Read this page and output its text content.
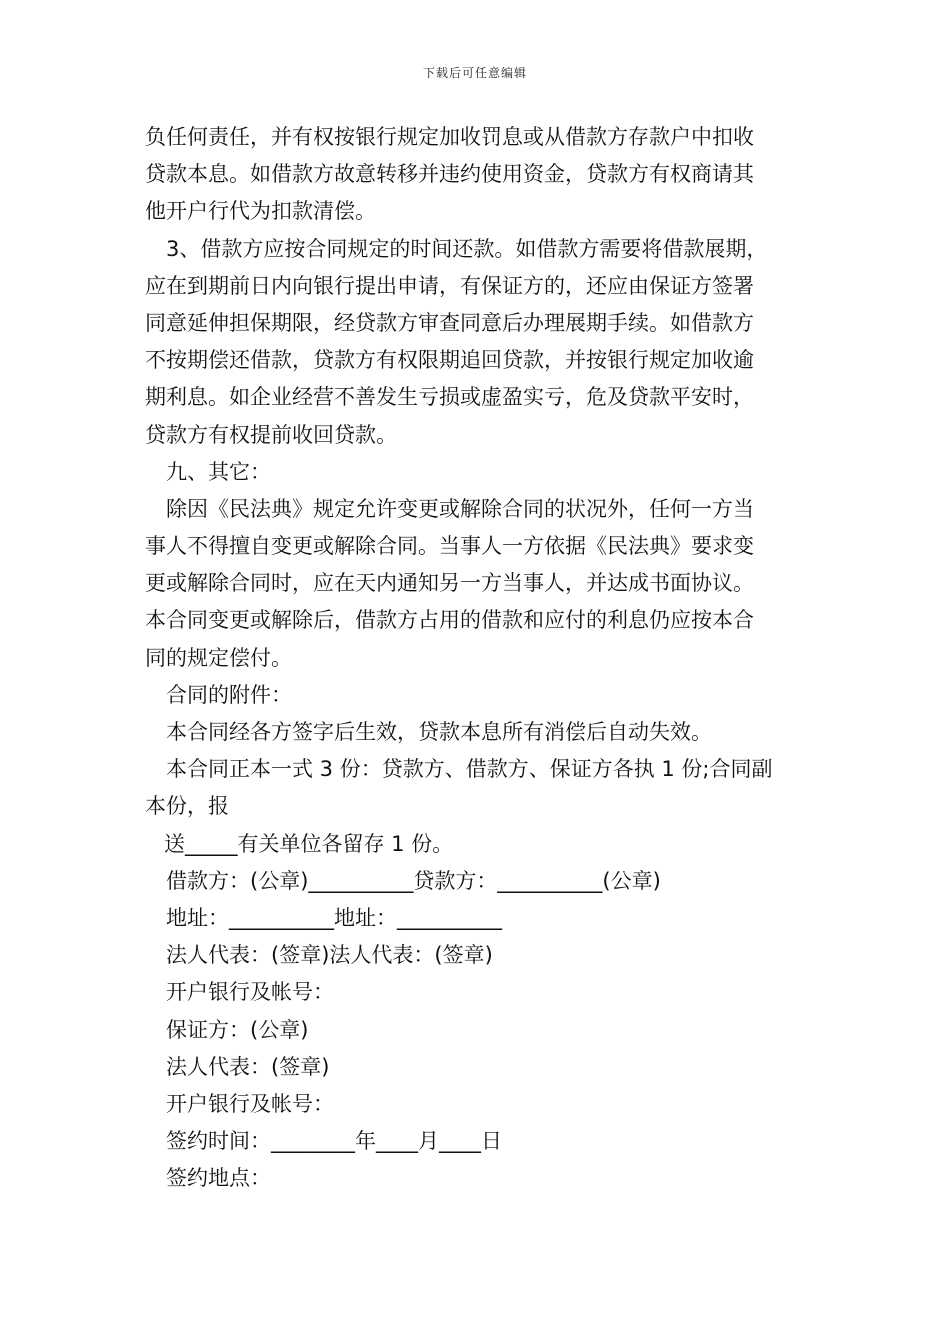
下载后可任意编辑
负任何责任，并有权按银行规定加收罚息或从借款方存款户中扣收
贷款本息。如借款方故意转移并违约使用资金，贷款方有权商请其
他开户行代为扣款清偿。
3、借款方应按合同规定的时间还款。如借款方需要将借款展期，
应在到期前日内向银行提出申请，有保证方的，还应由保证方签署
同意延伸担保期限，经贷款方审查同意后办理展期手续。如借款方
不按期偿还借款，贷款方有权限期追回贷款，并按银行规定加收逾
期利息。如企业经营不善发生亏损或虚盈实亏，危及贷款平安时，
贷款方有权提前收回贷款。
九、其它：
除因《民法典》规定允许变更或解除合同的状况外，任何一方当
事人不得擅自变更或解除合同。当事人一方依据《民法典》要求变
更或解除合同时，应在天内通知另一方当事人，并达成书面协议。
本合同变更或解除后，借款方占用的借款和应付的利息仍应按本合
同的规定偿付。
合同的附件：
本合同经各方签字后生效，贷款本息所有消偿后自动失效。
本合同正本一式 3 份：贷款方、借款方、保证方各执 1 份;合同副
本份，报
送_____有关单位各留存 1 份。
借款方：(公章)__________贷款方：__________(公章)
地址：__________地址：__________
法人代表：(签章)法人代表：(签章)
开户银行及帐号：
保证方：(公章)
法人代表：(签章)
开户银行及帐号：
签约时间：________年____月____日
签约地点：
